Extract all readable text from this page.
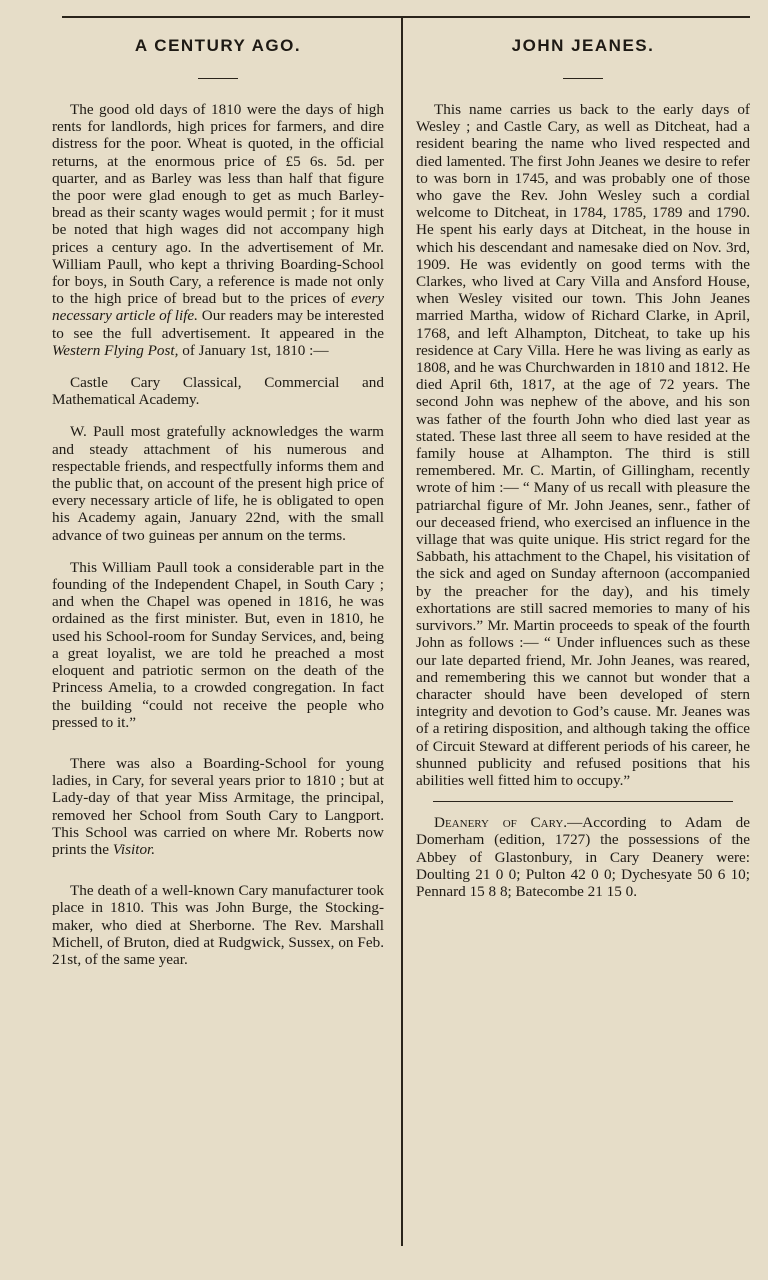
A CENTURY AGO.

The good old days of 1810 were the days of high rents for landlords, high prices for farmers, and dire distress for the poor. Wheat is quoted, in the official returns, at the enormous price of £5 6s. 5d. per quarter, and as Barley was less than half that figure the poor were glad enough to get as much Barley-bread as their scanty wages would permit ; for it must be noted that high wages did not accompany high prices a century ago. In the advertisement of Mr. William Paull, who kept a thriving Boarding-School for boys, in South Cary, a reference is made not only to the high price of bread but to the prices of every necessary article of life. Our readers may be interested to see the full advertisement. It appeared in the Western Flying Post, of January 1st, 1810 :—

Castle Cary Classical, Commercial and Mathematical Academy.

W. Paull most gratefully acknowledges the warm and steady attachment of his numerous and respectable friends, and respectfully informs them and the public that, on account of the present high price of every necessary article of life, he is obligated to open his Academy again, January 22nd, with the small advance of two guineas per annum on the terms.

This William Paull took a considerable part in the founding of the Independent Chapel, in South Cary ; and when the Chapel was opened in 1816, he was ordained as the first minister. But, even in 1810, he used his School-room for Sunday Services, and, being a great loyalist, we are told he preached a most eloquent and patriotic sermon on the death of the Princess Amelia, to a crowded congregation. In fact the building “could not receive the people who pressed to it.”

There was also a Boarding-School for young ladies, in Cary, for several years prior to 1810 ; but at Lady-day of that year Miss Armitage, the principal, removed her School from South Cary to Langport. This School was carried on where Mr. Roberts now prints the Visitor.

The death of a well-known Cary manufacturer took place in 1810. This was John Burge, the Stocking-maker, who died at Sherborne. The Rev. Marshall Michell, of Bruton, died at Rudgwick, Sussex, on Feb. 21st, of the same year.

JOHN JEANES.

This name carries us back to the early days of Wesley ; and Castle Cary, as well as Ditcheat, had a resident bearing the name who lived respected and died lamented. The first John Jeanes we desire to refer to was born in 1745, and was probably one of those who gave the Rev. John Wesley such a cordial welcome to Ditcheat, in 1784, 1785, 1789 and 1790. He spent his early days at Ditcheat, in the house in which his descendant and namesake died on Nov. 3rd, 1909. He was evidently on good terms with the Clarkes, who lived at Cary Villa and Ansford House, when Wesley visited our town. This John Jeanes married Martha, widow of Richard Clarke, in April, 1768, and left Alhampton, Ditcheat, to take up his residence at Cary Villa. Here he was living as early as 1808, and he was Churchwarden in 1810 and 1812. He died April 6th, 1817, at the age of 72 years. The second John was nephew of the above, and his son was father of the fourth John who died last year as stated. These last three all seem to have resided at the family house at Alhampton. The third is still remembered. Mr. C. Martin, of Gillingham, recently wrote of him :— “ Many of us recall with pleasure the patriarchal figure of Mr. John Jeanes, senr., father of our deceased friend, who exercised an influence in the village that was quite unique. His strict regard for the Sabbath, his attachment to the Chapel, his visitation of the sick and aged on Sunday afternoon (accompanied by the preacher for the day), and his timely exhortations are still sacred memories to many of his survivors.” Mr. Martin proceeds to speak of the fourth John as follows :— “ Under influences such as these our late departed friend, Mr. John Jeanes, was reared, and remembering this we cannot but wonder that a character should have been developed of stern integrity and devotion to God’s cause. Mr. Jeanes was of a retiring disposition, and although taking the office of Circuit Steward at different periods of his career, he shunned publicity and refused positions that his abilities well fitted him to occupy.”

Deanery of Cary.—According to Adam de Domerham (edition, 1727) the possessions of the Abbey of Glastonbury, in Cary Deanery were: Doulting 21 0 0; Pulton 42 0 0; Dychesyate 50 6 10; Pennard 15 8 8; Batecombe 21 15 0.
